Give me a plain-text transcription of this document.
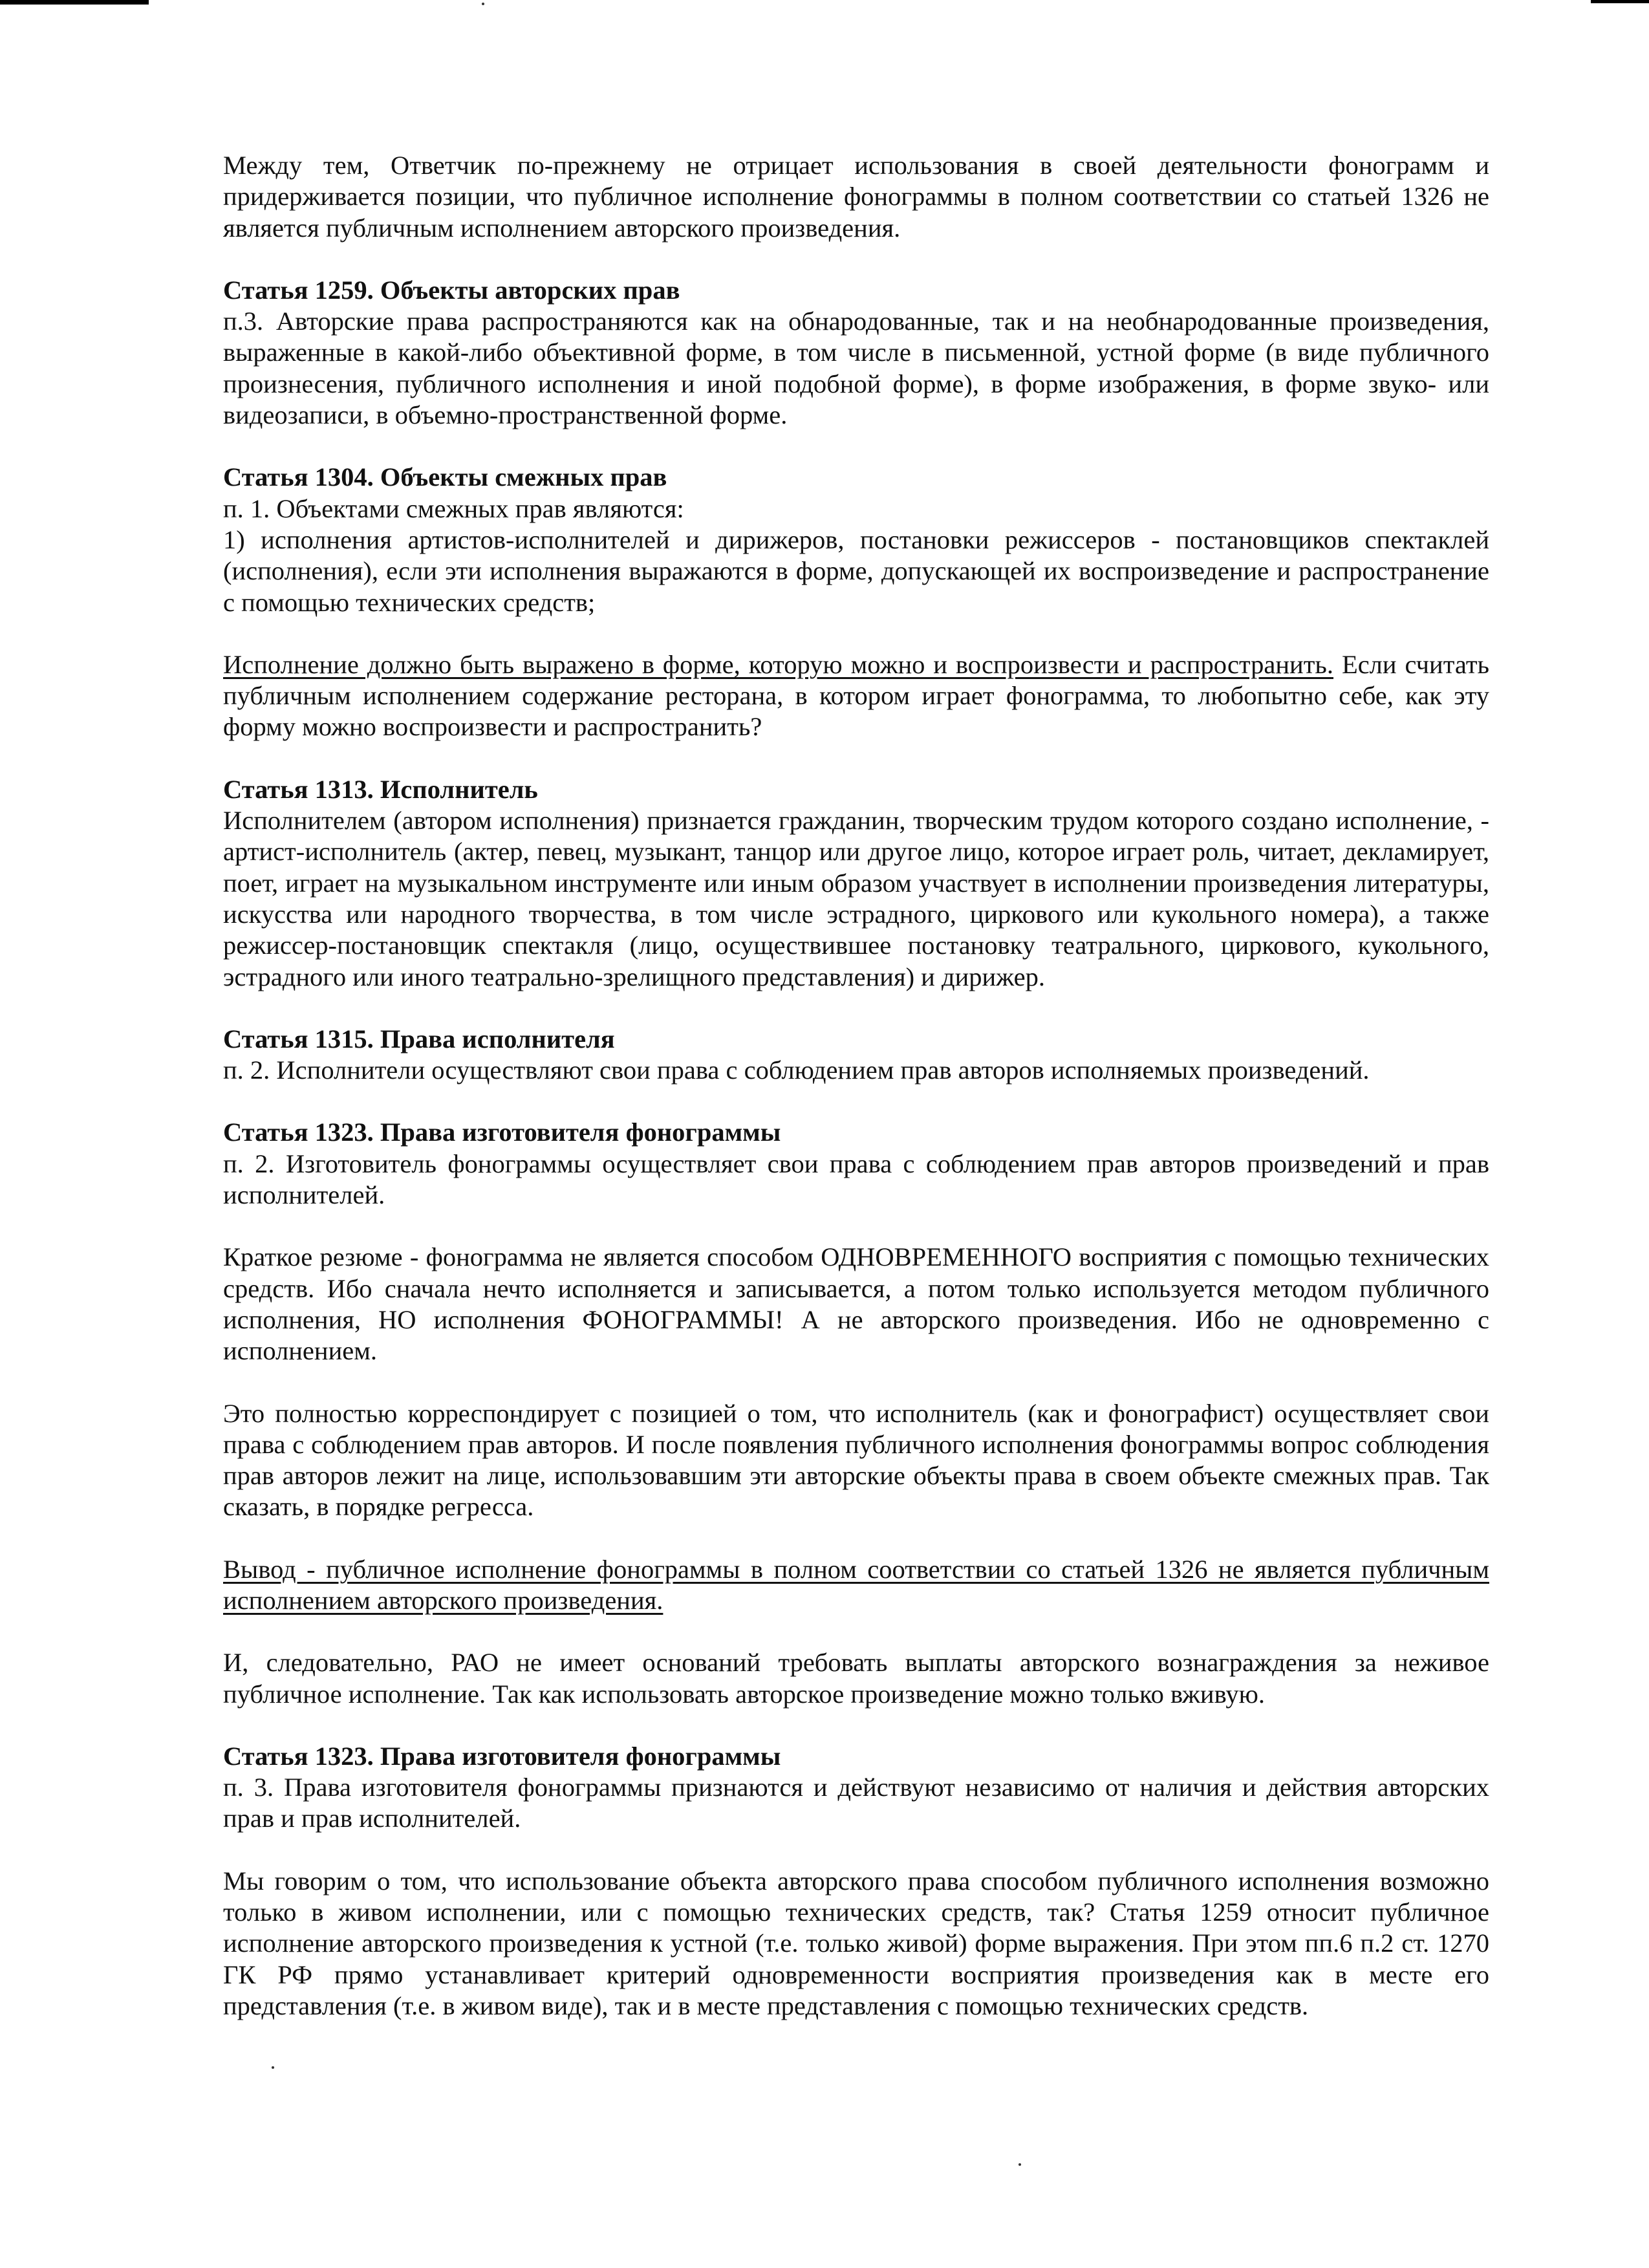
Между тем, Ответчик по-прежнему не отрицает использования в своей деятельности фонограмм и придерживается позиции, что публичное исполнение фонограммы в полном соответствии со статьей 1326 не является публичным исполнением авторского произведения.

Статья 1259. Объекты авторских прав

п.3. Авторские права распространяются как на обнародованные, так и на необнародованные произведения, выраженные в какой-либо объективной форме, в том числе в письменной, устной форме (в виде публичного произнесения, публичного исполнения и иной подобной форме), в форме изображения, в форме звуко- или видеозаписи, в объемно-пространственной форме.

Статья 1304. Объекты смежных прав

п. 1. Объектами смежных прав являются:

1) исполнения артистов-исполнителей и дирижеров, постановки режиссеров - постановщиков спектаклей (исполнения), если эти исполнения выражаются в форме, допускающей их воспроизведение и распространение с помощью технических средств;

Исполнение должно быть выражено в форме, которую можно и воспроизвести и распространить. Если считать публичным исполнением содержание ресторана, в котором играет фонограмма, то любопытно себе, как эту форму можно воспроизвести и распространить?

Статья 1313. Исполнитель

Исполнителем (автором исполнения) признается гражданин, творческим трудом которого создано исполнение, - артист-исполнитель (актер, певец, музыкант, танцор или другое лицо, которое играет роль, читает, декламирует, поет, играет на музыкальном инструменте или иным образом участвует в исполнении произведения литературы, искусства или народного творчества, в том числе эстрадного, циркового или кукольного номера), а также режиссер-постановщик спектакля (лицо, осуществившее постановку театрального, циркового, кукольного, эстрадного или иного театрально-зрелищного представления) и дирижер.

Статья 1315. Права исполнителя

п. 2. Исполнители осуществляют свои права с соблюдением прав авторов исполняемых произведений.

Статья 1323. Права изготовителя фонограммы

п. 2. Изготовитель фонограммы осуществляет свои права с соблюдением прав авторов произведений и прав исполнителей.

Краткое резюме - фонограмма не является способом ОДНОВРЕМЕННОГО восприятия с помощью технических средств. Ибо сначала нечто исполняется и записывается, а потом только используется методом публичного исполнения, НО исполнения ФОНОГРАММЫ! А не авторского произведения. Ибо не одновременно с исполнением.

Это полностью корреспондирует с позицией о том, что исполнитель (как и фонографист) осуществляет свои права с соблюдением прав авторов. И после появления публичного исполнения фонограммы вопрос соблюдения прав авторов лежит на лице, использовавшим эти авторские объекты права в своем объекте смежных прав. Так сказать, в порядке регресса.

Вывод - публичное исполнение фонограммы в полном соответствии со статьей 1326 не является публичным исполнением авторского произведения.

И, следовательно, РАО не имеет оснований требовать выплаты авторского вознаграждения за неживое публичное исполнение. Так как использовать авторское произведение можно только вживую.

Статья 1323. Права изготовителя фонограммы

п. 3. Права изготовителя фонограммы признаются и действуют независимо от наличия и действия авторских прав и прав исполнителей.

Мы говорим о том, что использование объекта авторского права способом публичного исполнения возможно только в живом исполнении, или с помощью технических средств, так? Статья 1259 относит публичное исполнение авторского произведения к устной (т.е. только живой) форме выражения. При этом пп.6 п.2 ст. 1270 ГК РФ прямо устанавливает критерий одновременности восприятия произведения как в месте его представления (т.е. в живом виде), так и в месте представления с помощью технических средств.
